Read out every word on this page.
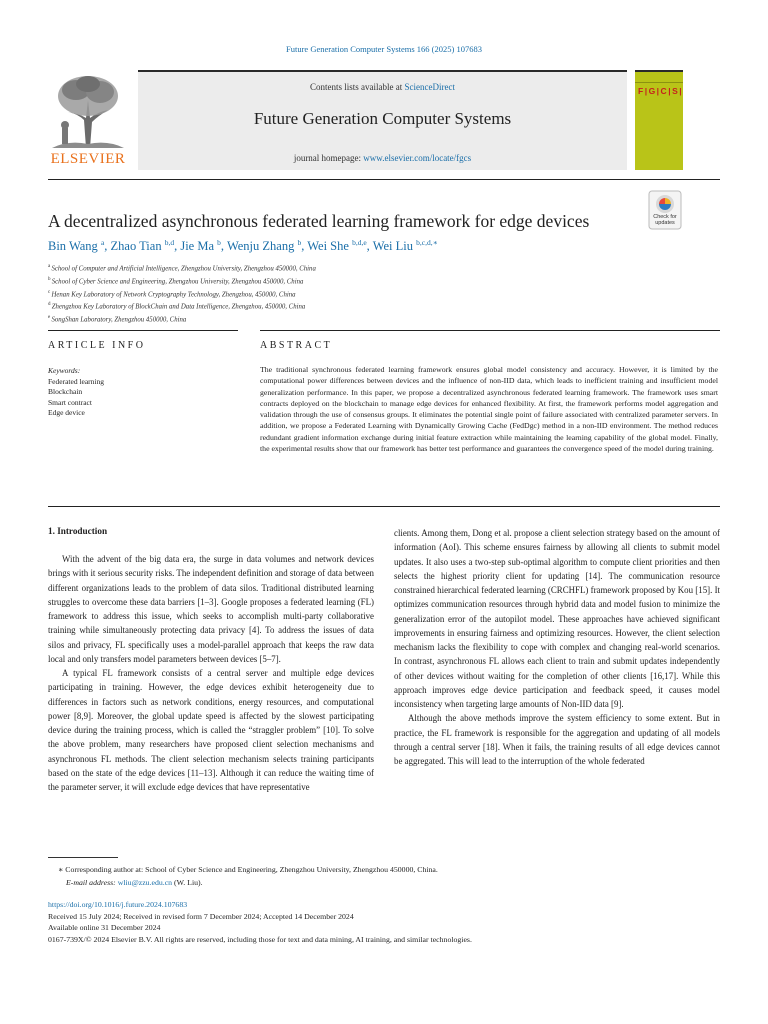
Future Generation Computer Systems 166 (2025) 107683
ELSEVIER
Contents lists available at ScienceDirect
Future Generation Computer Systems
journal homepage: www.elsevier.com/locate/fgcs
F|G|C|S|
Check for updates
A decentralized asynchronous federated learning framework for edge devices
Bin Wang $^a$, Zhao Tian $^{b,d}$, Jie Ma $^b$, Wenju Zhang $^b$, Wei She $^{b,d,e}$, Wei Liu $^{b,c,d,∗}$
$^a$ School of Computer and Artificial Intelligence, Zhengzhou University, Zhengzhou 450000, China
$^b$ School of Cyber Science and Engineering, Zhengzhou University, Zhengzhou 450000, China
$^c$ Henan Key Laboratory of Network Cryptography Technology, Zhengzhou, 450000, China
$^d$ Zhengzhou Key Laboratory of BlockChain and Data Intelligence, Zhengzhou, 450000, China
$^e$ SongShan Laboratory, Zhengzhou 450000, China
ARTICLE INFO	ABSTRACT
Keywords:
Federated learning
Blockchain
Smart contract
Edge device
The traditional synchronous federated learning framework ensures global model consistency and accuracy. However, it is limited by the computational power differences between devices and the influence of non-IID data, which leads to inefficient training and insufficient model generalization performance. In this paper, we propose a decentralized asynchronous federated learning framework. The framework uses smart contracts deployed on the blockchain to manage edge devices for enhanced flexibility. At first, the framework performs model aggregation and validation through the use of consensus groups. It eliminates the potential single point of failure associated with centralized parameter servers. In addition, we propose a Federated Learning with Dynamically Growing Cache (FedDgc) method in a non-IID environment. The method reduces redundant gradient information exchange during initial feature extraction while maintaining the learning capability of the global model. Finally, the experimental results show that our framework has better test performance and guarantees the convergence speed of the model during training.
1. Introduction

With the advent of the big data era, the surge in data volumes and network devices brings with it serious security risks. The independent definition and storage of data between different organizations leads to the problem of data silos. Traditional distributed learning struggles to overcome these data barriers [1–3]. Google proposes a federated learning (FL) framework to address this issue, which seeks to accomplish multi-party collaborative training while simultaneously protecting data privacy [4]. To address the issues of data silos and privacy, FL specifically uses a model-parallel approach that keeps the raw data local and only transfers model parameters between devices [5–7].

A typical FL framework consists of a central server and multiple edge devices participating in training. However, the edge devices exhibit heterogeneity due to differences in factors such as network conditions, energy resources, and computational power [8,9]. Moreover, the global update speed is affected by the slowest participating device during the training process, which is called the “straggler problem” [10]. To solve the above problem, many researchers have proposed client selection mechanisms and asynchronous FL methods. The client selection mechanism selects training participants based on the state of the edge devices [11–13]. Although it can reduce the waiting time of the parameter server, it will exclude edge devices that have representative

clients. Among them, Dong et al. propose a client selection strategy based on the amount of information (AoI). This scheme ensures fairness by allowing all clients to submit model updates. It also uses a two-step sub-optimal algorithm to compute client priorities and then selects the highest priority client for updating [14]. The communication resource constrained hierarchical federated learning (CRCHFL) framework proposed by Kou [15]. It optimizes communication resources through hybrid data and model fusion to minimize the generalization error of the autopilot model. These approaches have achieved significant improvements in ensuring fairness and optimizing resources. However, the client selection mechanism lacks the flexibility to cope with complex and changing real-world scenarios. In contrast, asynchronous FL allows each client to train and submit updates independently of other devices without waiting for the completion of other clients [16,17]. While this approach improves edge device participation and feedback speed, it causes model inconsistency when targeting large amounts of Non-IID data [9].

Although the above methods improve the system efficiency to some extent. But in practice, the FL framework is responsible for the aggregation and updating of all models through a central server [18]. When it fails, the training results of all edge devices cannot be aggregated. This will lead to the interruption of the whole federated

∗ Corresponding author at: School of Cyber Science and Engineering, Zhengzhou University, Zhengzhou 450000, China.
E-mail address: wliu@zzu.edu.cn (W. Liu).
https://doi.org/10.1016/j.future.2024.107683
Received 15 July 2024; Received in revised form 7 December 2024; Accepted 14 December 2024
Available online 31 December 2024
0167-739X/© 2024 Elsevier B.V. All rights are reserved, including those for text and data mining, AI training, and similar technologies.
